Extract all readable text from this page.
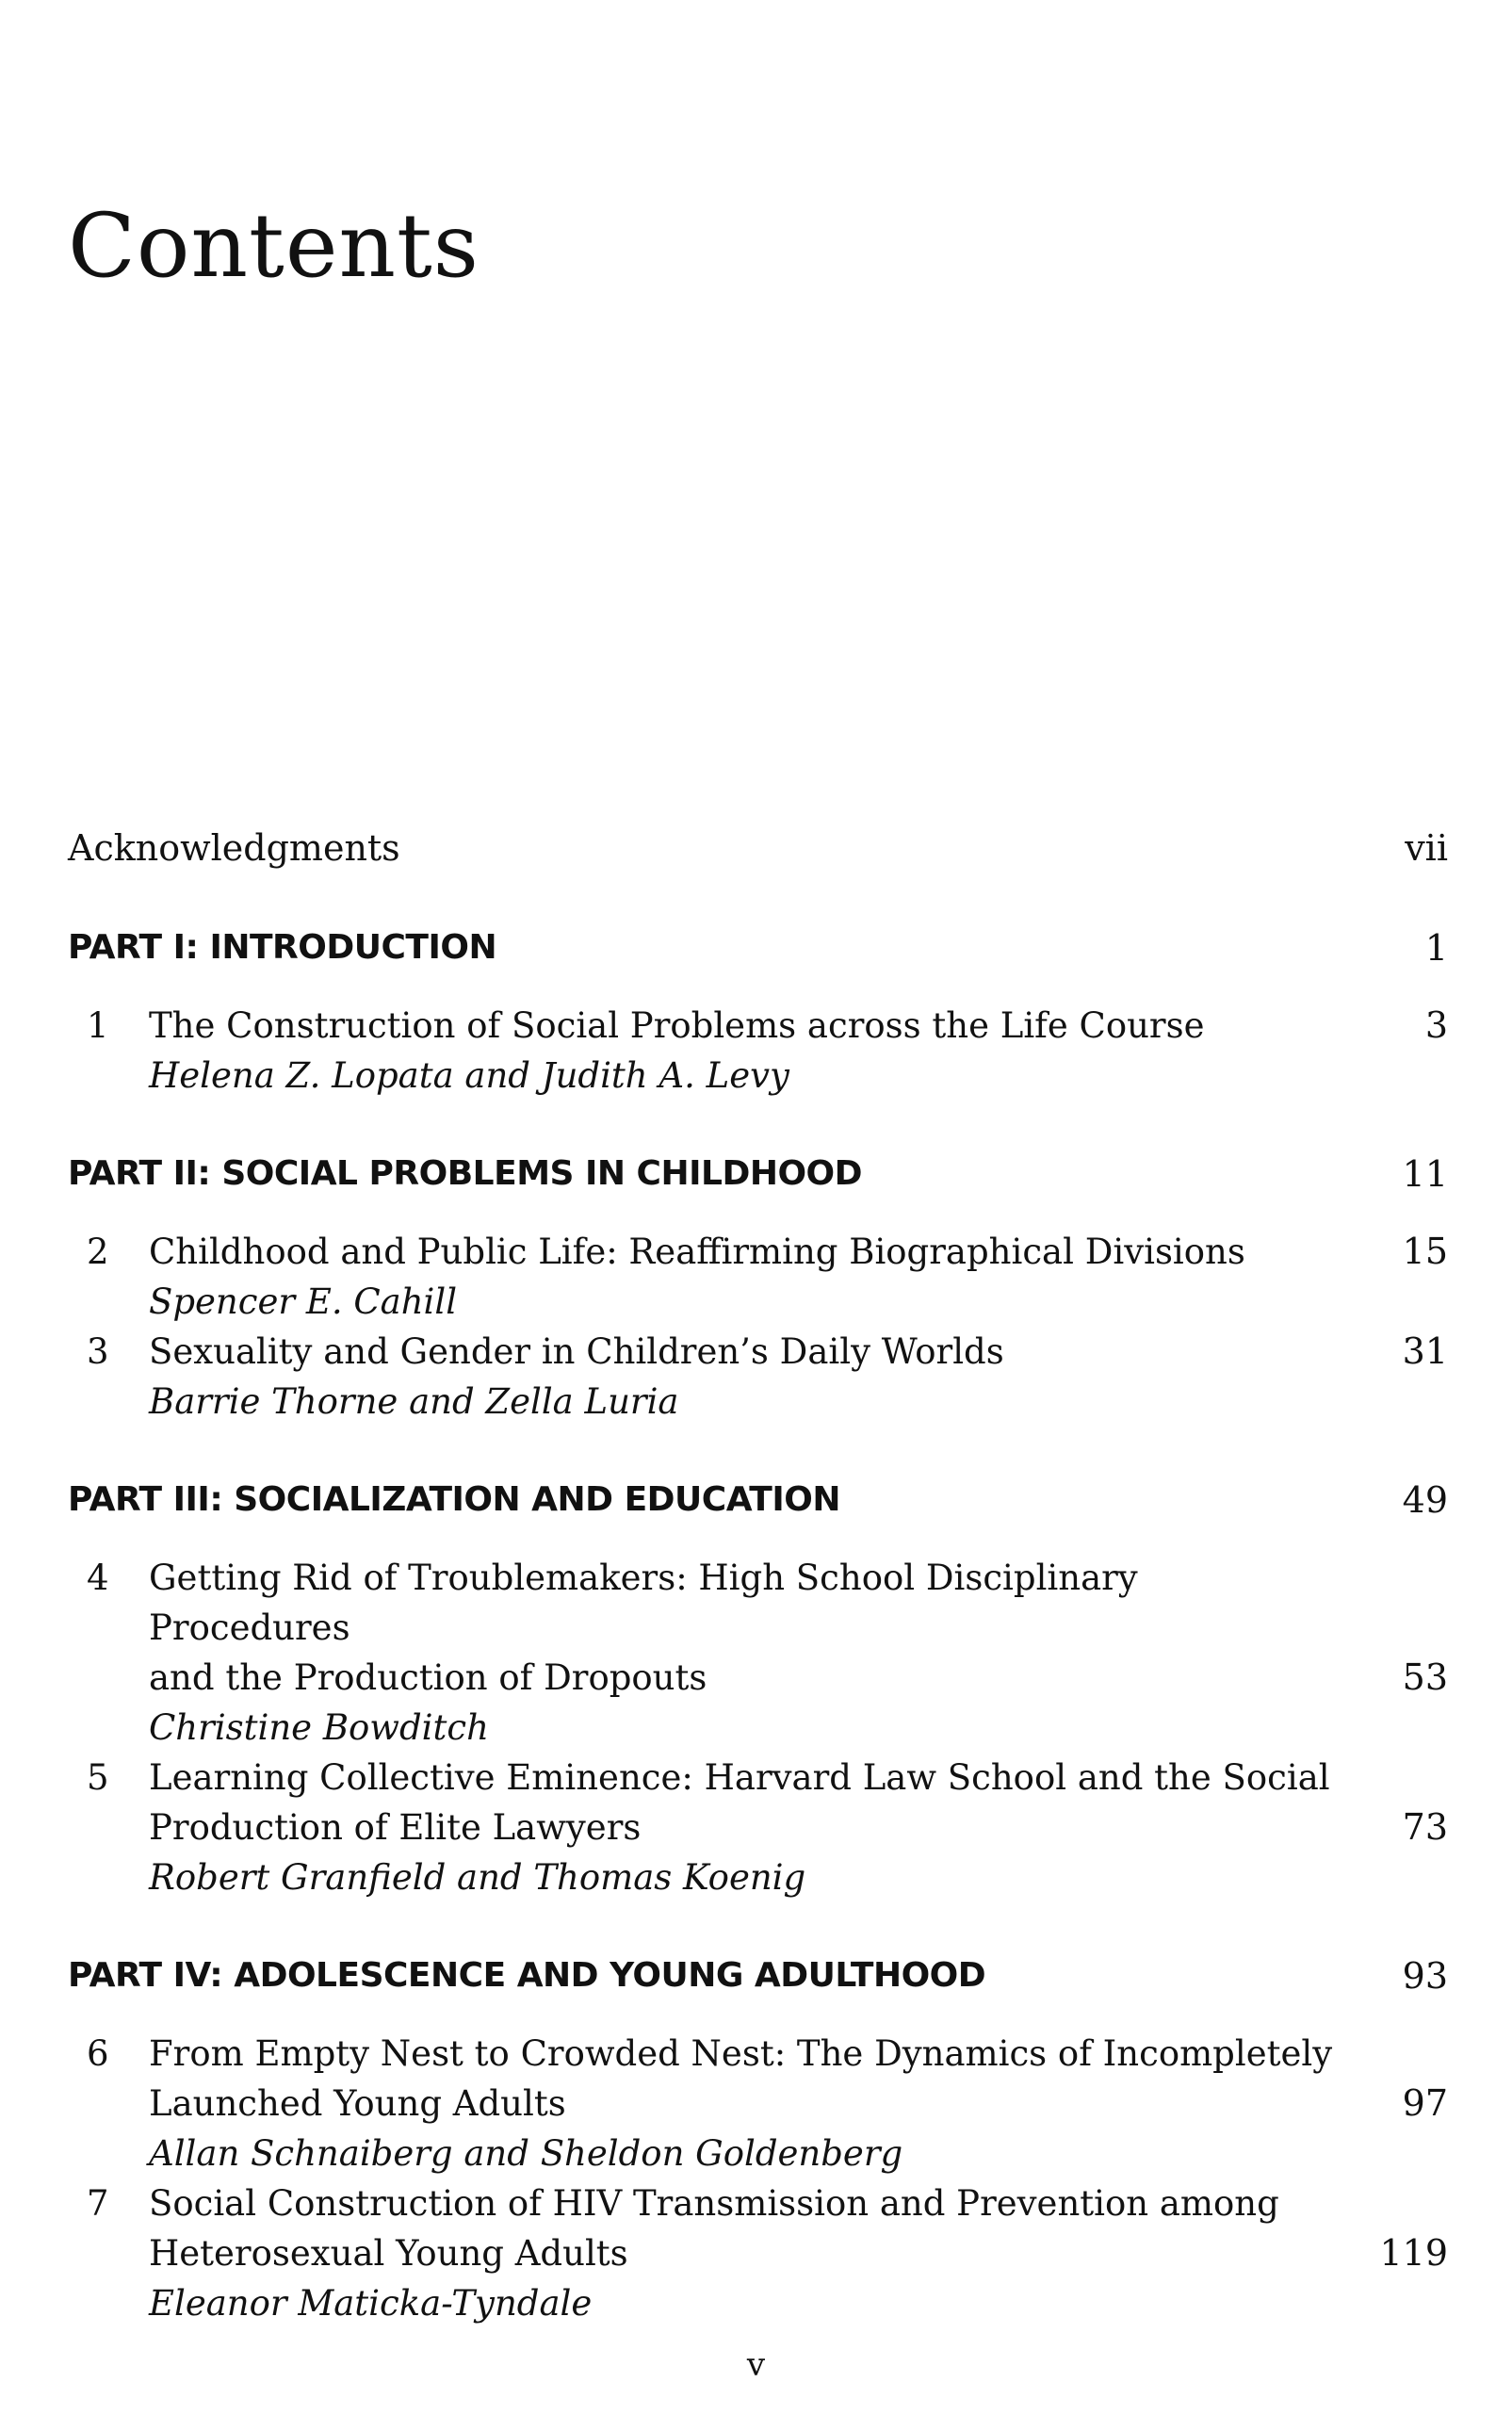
Contents
Acknowledgments	vii
PART I: INTRODUCTION	1
1	The Construction of Social Problems across the Life Course	3
Helena Z. Lopata and Judith A. Levy
PART II: SOCIAL PROBLEMS IN CHILDHOOD	11
2	Childhood and Public Life: Reaffirming Biographical Divisions	15
Spencer E. Cahill
3	Sexuality and Gender in Children’s Daily Worlds	31
Barrie Thorne and Zella Luria
PART III: SOCIALIZATION AND EDUCATION	49
4	Getting Rid of Troublemakers: High School Disciplinary Procedures
and the Production of Dropouts	53
Christine Bowditch
5	Learning Collective Eminence: Harvard Law School and the Social
Production of Elite Lawyers	73
Robert Granfield and Thomas Koenig
PART IV: ADOLESCENCE AND YOUNG ADULTHOOD	93
6	From Empty Nest to Crowded Nest: The Dynamics of Incompletely
Launched Young Adults	97
Allan Schnaiberg and Sheldon Goldenberg
7	Social Construction of HIV Transmission and Prevention among
Heterosexual Young Adults	119
Eleanor Maticka-Tyndale
v
